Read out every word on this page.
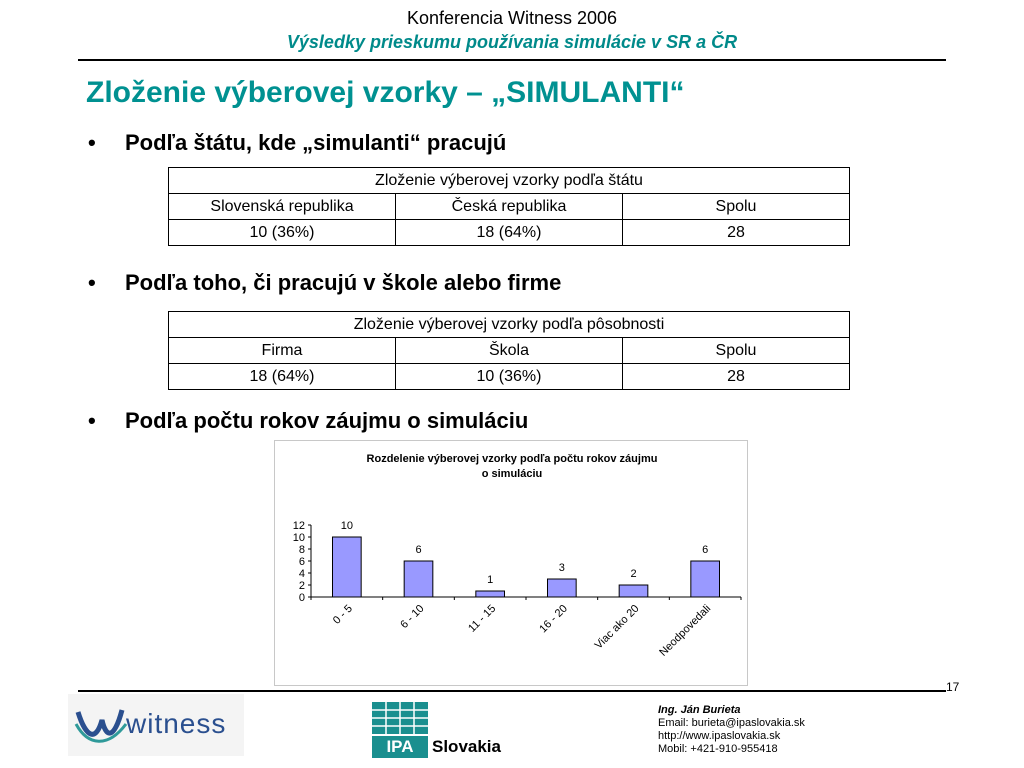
Konferencia Witness 2006
Výsledky prieskumu používania simulácie v SR a ČR
Zloženie výberovej vzorky – „SIMULANTI“
• Podľa štátu, kde „simulanti“ pracujú
Zloženie výberovej vzorky podľa štátu		
Slovenská republika	Česká republika	Spolu
10 (36%)	18 (64%)	28
• Podľa toho, či pracujú v škole alebo firme
Zloženie výberovej vzorky podľa pôsobnosti		
Firma	Škola	Spolu
18 (64%)	10 (36%)	28
• Podľa počtu rokov záujmu o simuláciu
Rozdelenie výberovej vzorky podľa počtu rokov záujmu
o simuláciu
0
2
4
6
8
10
12	10
0 - 5
6
6 - 10
1
11 - 15
3
16 - 20
2
Viac ako 20
6
Neodpovedali
17
witness
IPA	Slovakia
Ing. Ján Burieta
Email: burieta@ipaslovakia.sk
http://www.ipaslovakia.sk
Mobil: +421-910-955418
